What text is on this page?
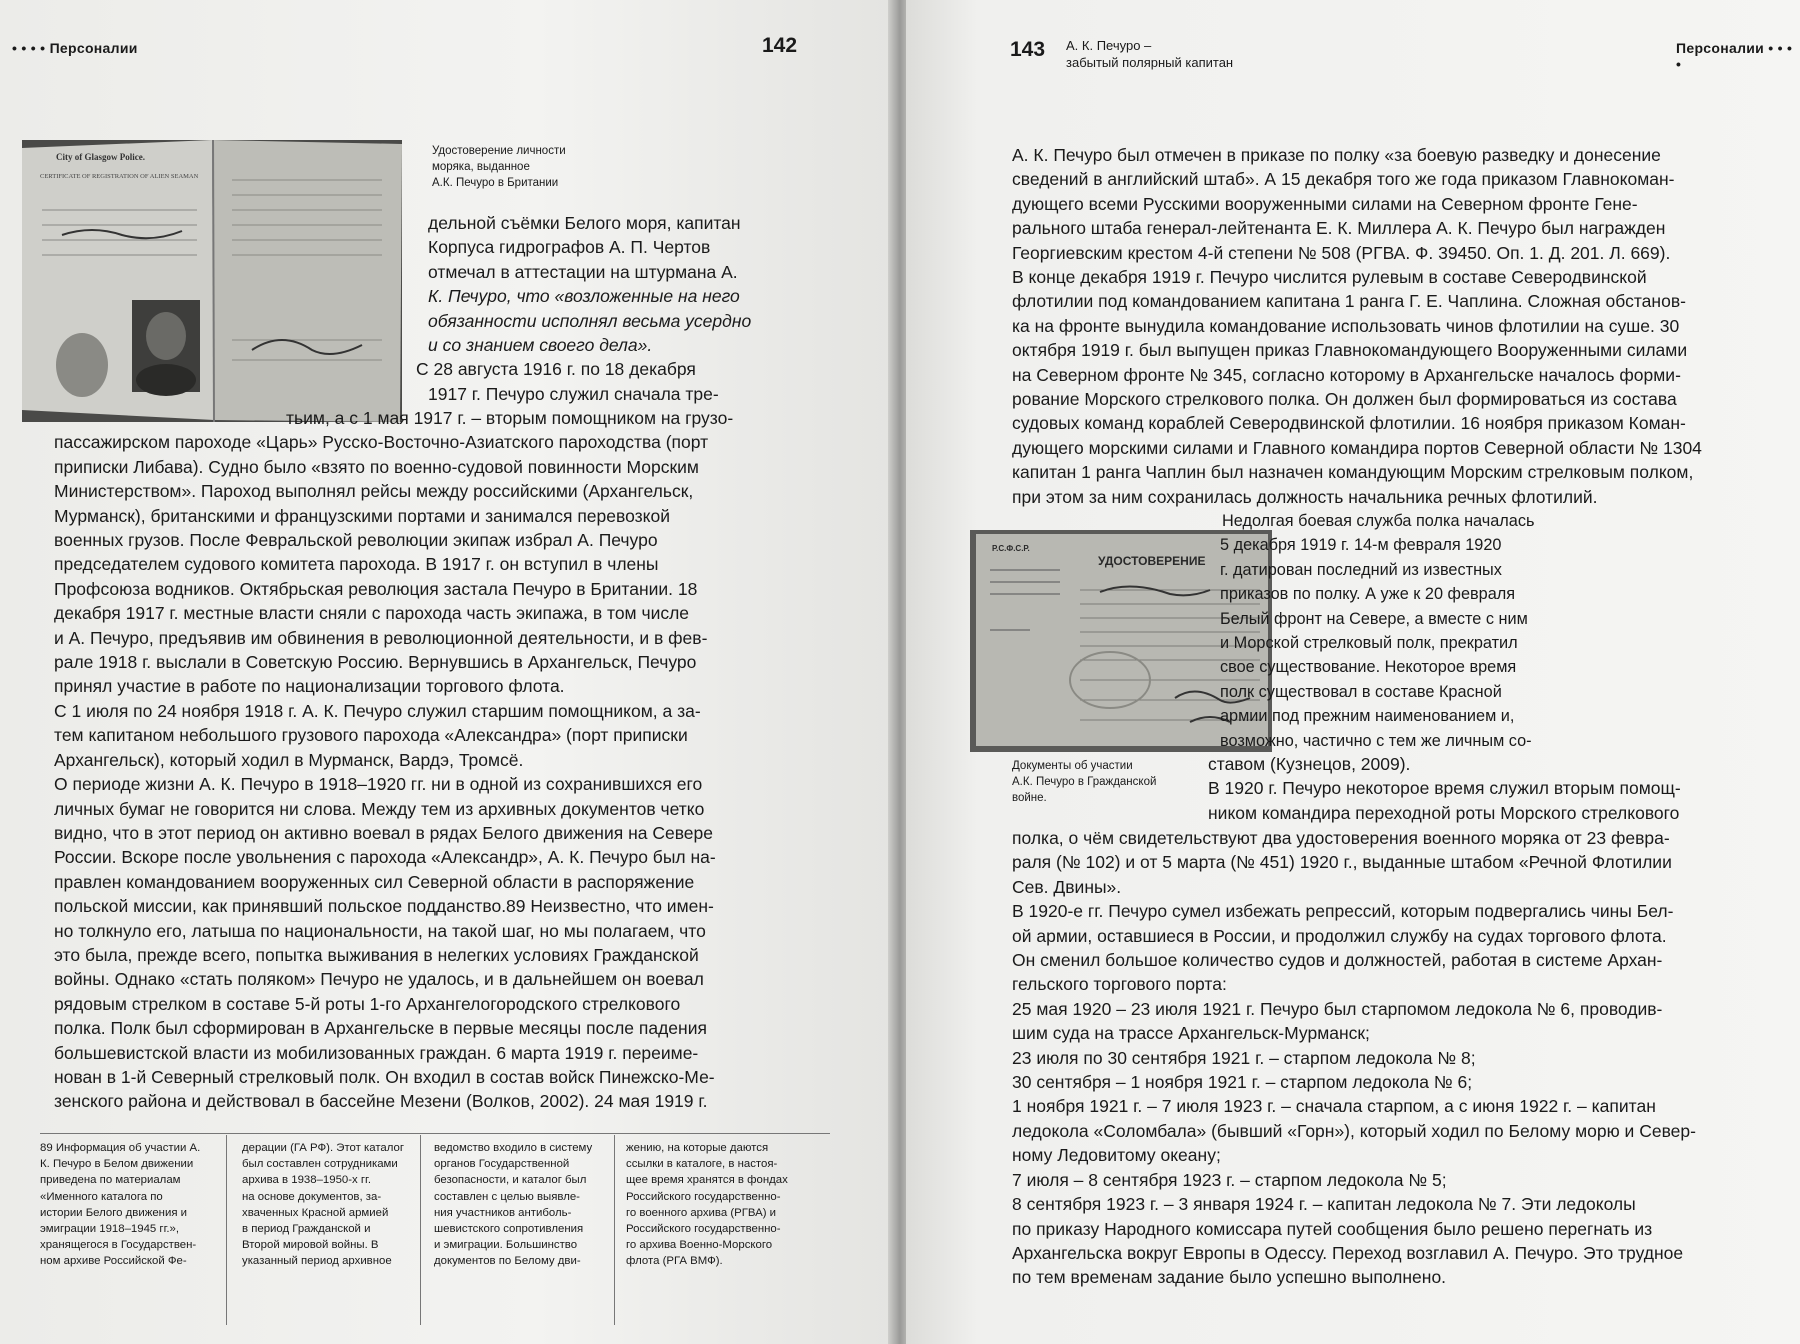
• • • • Персоналии	142
City of Glasgow Police.
CERTIFICATE OF REGISTRATION OF ALIEN SEAMAN
Удостоверение личности
моряка, выданное
А.К. Печуро в Британии
дельной съёмки Белого моря, капитан
Корпуса гидрографов А. П. Чертов
отмечал в аттестации на штурмана А.
К. Печуро, что «возложенные на него
обязанности исполнял весьма усердно
и со знанием своего дела».
С 28 августа 1916 г. по 18 декабря
1917 г. Печуро служил сначала тре-
тьим, а с 1 мая 1917 г. – вторым помощником на грузо-
пассажирском пароходе «Царь» Русско-Восточно-Азиатского пароходства (порт
приписки Либава). Судно было «взято по военно-судовой повинности Морским
Министерством». Пароход выполнял рейсы между российскими (Архангельск,
Мурманск), британскими и французскими портами и занимался перевозкой
военных грузов. После Февральской революции экипаж избрал А. Печуро
председателем судового комитета парохода. В 1917 г. он вступил в члены
Профсоюза водников. Октябрьская революция застала Печуро в Британии. 18
декабря 1917 г. местные власти сняли с парохода часть экипажа, в том числе
и А. Печуро, предъявив им обвинения в революционной деятельности, и в фев-
рале 1918 г. выслали в Советскую Россию. Вернувшись в Архангельск, Печуро
принял участие в работе по национализации торгового флота.
С 1 июля по 24 ноября 1918 г. А. К. Печуро служил старшим помощником, а за-
тем капитаном небольшого грузового парохода «Александра» (порт приписки
Архангельск), который ходил в Мурманск, Вардэ, Тромсё.
О периоде жизни А. К. Печуро в 1918–1920 гг. ни в одной из сохранившихся его
личных бумаг не говорится ни слова. Между тем из архивных документов четко
видно, что в этот период он активно воевал в рядах Белого движения на Севере
России. Вскоре после увольнения с парохода «Александр», А. К. Печуро был на-
правлен командованием вооруженных сил Северной области в распоряжение
польской миссии, как принявший польское подданство.89 Неизвестно, что имен-
но толкнуло его, латыша по национальности, на такой шаг, но мы полагаем, что
это была, прежде всего, попытка выживания в нелегких условиях Гражданской
войны. Однако «стать поляком» Печуро не удалось, и в дальнейшем он воевал
рядовым стрелком в составе 5-й роты 1-го Архангелогородского стрелкового
полка. Полк был сформирован в Архангельске в первые месяцы после падения
большевистской власти из мобилизованных граждан. 6 марта 1919 г. переиме-
нован в 1-й Северный стрелковый полк. Он входил в состав войск Пинежско-Ме-
зенского района и действовал в бассейне Мезени (Волков, 2002). 24 мая 1919 г.
89 Информация об участии А.
К. Печуро в Белом движении
приведена по материалам
«Именного каталога по
истории Белого движения и
эмиграции 1918–1945 гг.»,
хранящегося в Государствен-
ном архиве Российской Фе-
дерации (ГА РФ). Этот каталог
был составлен сотрудниками
архива в 1938–1950-х гг.
на основе документов, за-
хваченных Красной армией
в период Гражданской и
Второй мировой войны. В
указанный период архивное
ведомство входило в систему
органов Государственной
безопасности, и каталог был
составлен с целью выявле-
ния участников антиболь-
шевистского сопротивления
и эмиграции. Большинство
документов по Белому дви-
жению, на которые даются
ссылки в каталоге, в настоя-
щее время хранятся в фондах
Российского государственно-
го военного архива (РГВА) и
Российского государственно-
го архива Военно-Морского
флота (РГА ВМФ).
143 А. К. Печуро –
забытый полярный капитан
Персоналии • • • •
А. К. Печуро был отмечен в приказе по полку «за боевую разведку и донесение
сведений в английский штаб». А 15 декабря того же года приказом Главнокоман-
дующего всеми Русскими вооруженными силами на Северном фронте Гене-
рального штаба генерал-лейтенанта Е. К. Миллера А. К. Печуро был награжден
Георгиевским крестом 4-й степени № 508 (РГВА. Ф. 39450. Оп. 1. Д. 201. Л. 669).
В конце декабря 1919 г. Печуро числится рулевым в составе Северодвинской
флотилии под командованием капитана 1 ранга Г. Е. Чаплина. Сложная обстанов-
ка на фронте вынудила командование использовать чинов флотилии на суше. 30
октября 1919 г. был выпущен приказ Главнокомандующего Вооруженными силами
на Северном фронте № 345, согласно которому в Архангельске началось форми-
рование Морского стрелкового полка. Он должен был формироваться из состава
судовых команд кораблей Северодвинской флотилии. 16 ноября приказом Коман-
дующего морскими силами и Главного командира портов Северной области № 1304
капитан 1 ранга Чаплин был назначен командующим Морским стрелковым полком,
при этом за ним сохранилась должность начальника речных флотилий.
УДОСТОВЕРЕНИЕ
Р.С.Ф.С.Р.
Недолгая боевая служба полка началась
5 декабря 1919 г. 14-м февраля 1920
г. датирован последний из известных
приказов по полку. А уже к 20 февраля
Белый фронт на Севере, а вместе с ним
и Морской стрелковый полк, прекратил
свое существование. Некоторое время
полк существовал в составе Красной
армии под прежним наименованием и,
возможно, частично с тем же личным со-
Документы об участии
А.К. Печуро в Гражданской
войне.
ставом (Кузнецов, 2009).
В 1920 г. Печуро некоторое время служил вторым помощ-
ником командира переходной роты Морского стрелкового
полка, о чём свидетельствуют два удостоверения военного моряка от 23 февра-
раля (№ 102) и от 5 марта (№ 451) 1920 г., выданные штабом «Речной Флотилии
Сев. Двины».
В 1920-е гг. Печуро сумел избежать репрессий, которым подвергались чины Бел-
ой армии, оставшиеся в России, и продолжил службу на судах торгового флота.
Он сменил большое количество судов и должностей, работая в системе Архан-
гельского торгового порта:
25 мая 1920 – 23 июля 1921 г. Печуро был старпомом ледокола № 6, проводив-
шим суда на трассе Архангельск-Мурманск;
23 июля по 30 сентября 1921 г. – старпом ледокола № 8;
30 сентября – 1 ноября 1921 г. – старпом ледокола № 6;
1 ноября 1921 г. – 7 июля 1923 г. – сначала старпом, а с июня 1922 г. – капитан
ледокола «Соломбала» (бывший «Горн»), который ходил по Белому морю и Север-
ному Ледовитому океану;
7 июля – 8 сентября 1923 г. – старпом ледокола № 5;
8 сентября 1923 г. – 3 января 1924 г. – капитан ледокола № 7. Эти ледоколы
по приказу Народного комиссара путей сообщения было решено перегнать из
Архангельска вокруг Европы в Одессу. Переход возглавил А. Печуро. Это трудное
по тем временам задание было успешно выполнено.
